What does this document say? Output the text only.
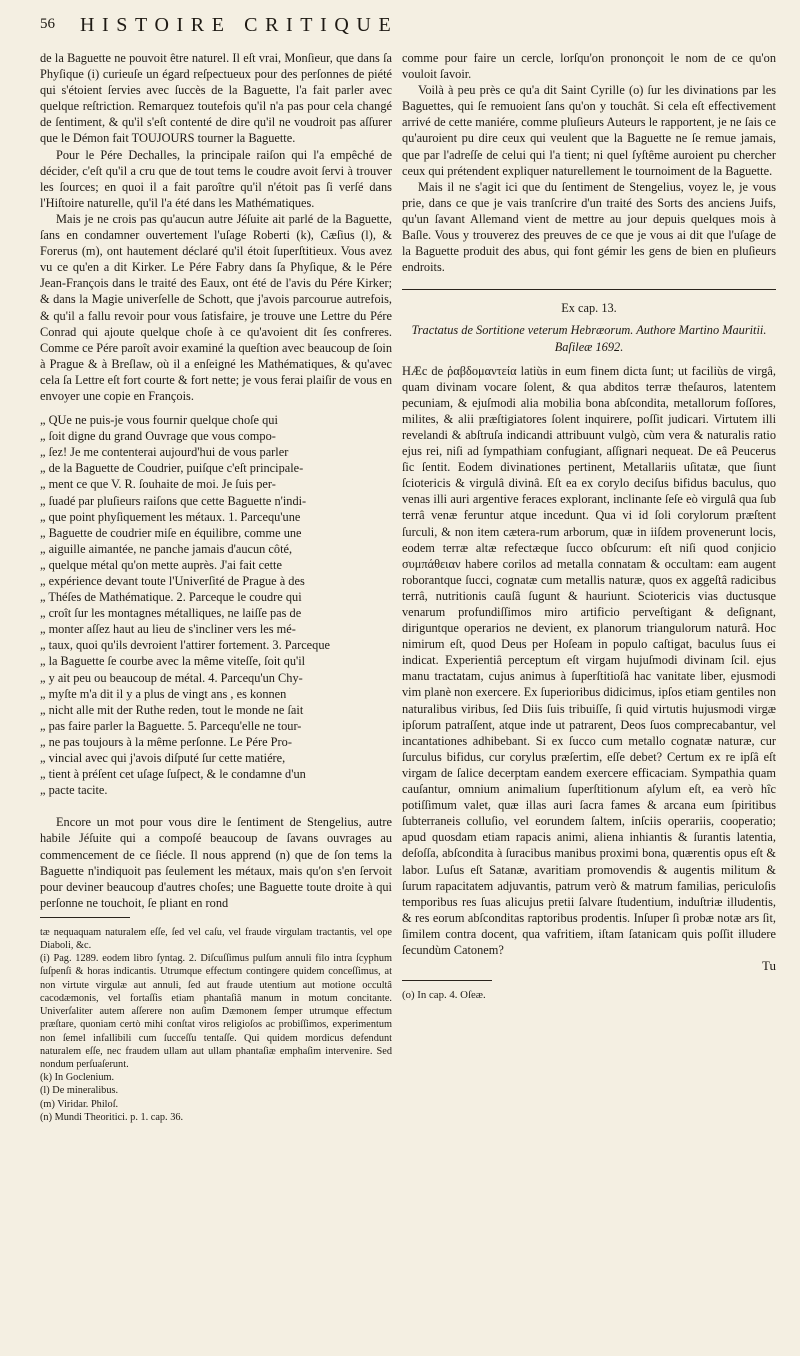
56 HISTOIRE CRITIQUE

de la Baguette ne pouvoit être naturel. Il eſt vrai, Monſieur, que dans ſa Phyſique (i) curieuſe un égard reſpectueux pour des perſonnes de piété qui s'étoient ſervies avec ſuccès de la Baguette, l'a fait parler avec quelque reſtriction. Remarquez toutefois qu'il n'a pas pour cela changé de ſentiment, & qu'il s'eſt contenté de dire qu'il ne voudroit pas aſſurer que le Démon fait TOUJOURS tourner la Baguette.

Pour le Pére Dechalles, la principale raiſon qui l'a empêché de décider, c'eſt qu'il a cru que de tout tems le coudre avoit ſervi à trouver les ſources; en quoi il a fait paroître qu'il n'étoit pas ſi verſé dans l'Hiſtoire naturelle, qu'il l'a été dans les Mathématiques.

Mais je ne crois pas qu'aucun autre Jéſuite ait parlé de la Baguette, ſans en condamner ouvertement l'uſage Roberti (k), Cæſius (l), & Forerus (m), ont hautement déclaré qu'il étoit ſuperſtitieux. Vous avez vu ce qu'en a dit Kirker. Le Pére Fabry dans ſa Phyſique, & le Pére Jean-François dans le traité des Eaux, ont été de l'avis du Pére Kirker; & dans la Magie univerſelle de Schott, que j'avois parcourue autrefois, & qu'il a fallu revoir pour vous ſatisfaire, je trouve une Lettre du Pére Conrad qui ajoute quelque choſe à ce qu'avoient dit ſes confreres. Comme ce Pére paroît avoir examiné la queſtion avec beaucoup de ſoin à Prague & à Breſlaw, où il a enſeigné les Mathématiques, & qu'avec cela ſa Lettre eſt fort courte & fort nette; je vous ferai plaiſir de vous en envoyer une copie en François.

„ QUe ne puis-je vous fournir quelque choſe qui
„ ſoit digne du grand Ouvrage que vous compo-
„ ſez! Je me contenterai aujourd'hui de vous parler
„ de la Baguette de Coudrier, puiſque c'eſt principale-
„ ment ce que V. R. ſouhaite de moi. Je ſuis per-
„ ſuadé par pluſieurs raiſons que cette Baguette n'indi-
„ que point phyſiquement les métaux. 1. Parcequ'une
„ Baguette de coudrier miſe en équilibre, comme une
„ aiguille aimantée, ne panche jamais d'aucun côté,
„ quelque métal qu'on mette auprès. J'ai fait cette
„ expérience devant toute l'Univerſité de Prague à des
„ Théſes de Mathématique. 2. Parceque le coudre qui
„ croît ſur les montagnes métalliques, ne laiſſe pas de
„ monter aſſez haut au lieu de s'incliner vers les mé-
„ taux, quoi qu'ils devroient l'attirer fortement. 3. Parceque
„ la Baguette ſe courbe avec la même viteſſe, ſoit qu'il
„ y ait peu ou beaucoup de métal. 4. Parcequ'un Chy-
„ myſte m'a dit il y a plus de vingt ans , es konnen
„ nicht alle mit der Ruthe reden, tout le monde ne ſait
„ pas faire parler la Baguette. 5. Parcequ'elle ne tour-
„ ne pas toujours à la même perſonne. Le Pére Pro-
„ vincial avec qui j'avois diſputé ſur cette matiére,
„ tient à préſent cet uſage ſuſpect, & le condamne d'un
„ pacte tacite.

Encore un mot pour vous dire le ſentiment de Stengelius, autre habile Jéſuite qui a compoſé beaucoup de ſavans ouvrages au commencement de ce ſiécle. Il nous apprend (n) que de ſon tems la Baguette n'indiquoit pas ſeulement les métaux, mais qu'on s'en ſervoit pour deviner beaucoup d'autres choſes; une Baguette toute droite à qui perſonne ne touchoit, ſe pliant en rond

tæ nequaquam naturalem eſſe, ſed vel caſu, vel fraude virgulam tractantis, vel ope Diaboli, &c.

(i) Pag. 1289. eodem libro ſyntag. 2. Diſcuſſimus pulſum annuli filo intra ſcyphum ſuſpenſi & horas indicantis. Utrumque effectum contingere quidem conceſſimus, at non virtute virgulæ aut annuli, ſed aut fraude utentium aut motione occultâ cacodæmonis, vel fortaſſis etiam phantaſiâ manum in motum concitante. Univerſaliter autem aſſerere non auſim Dæmonem ſemper utrumque effectum præſtare, quoniam certò mihi conſtat viros religioſos ac probiſſimos, experimentum non ſemel infallibili cum ſucceſſu tentaſſe. Qui quidem mordicus defendunt naturalem eſſe, nec fraudem ullam aut ullam phantaſiæ emphaſim intervenire. Sed nondum perſuaſerunt.

(k) In Goclenium.

(l) De mineralibus.

(m) Viridar. Philoſ.

(n) Mundi Theoritici. p. 1. cap. 36.

comme pour faire un cercle, lorſqu'on prononçoit le nom de ce qu'on vouloit ſavoir.

Voilà à peu près ce qu'a dit Saint Cyrille (o) ſur les divinations par les Baguettes, qui ſe remuoient ſans qu'on y touchât. Si cela eſt effectivement arrivé de cette maniére, comme pluſieurs Auteurs le rapportent, je ne ſais ce qu'auroient pu dire ceux qui veulent que la Baguette ne ſe remue jamais, que par l'adreſſe de celui qui l'a tient; ni quel ſyſtême auroient pu chercher ceux qui prétendent expliquer naturellement le tournoiment de la Baguette.

Mais il ne s'agit ici que du ſentiment de Stengelius, voyez le, je vous prie, dans ce que je vais tranſcrire d'un traité des Sorts des anciens Juifs, qu'un ſavant Allemand vient de mettre au jour depuis quelques mois à Baſle. Vous y trouverez des preuves de ce que je vous ai dit que l'uſage de la Baguette produit des abus, qui font gémir les gens de bien en pluſieurs endroits.

Ex cap. 13.

Tractatus de Sortitione veterum Hebræorum. Authore Martino Mauritii. Baſileæ 1692.

HÆc de ῥαβδομαντεία latiùs in eum finem dicta ſunt; ut faciliùs de virgâ, quam divinam vocare ſolent, & qua abditos terræ theſauros, latentem pecuniam, & ejuſmodi alia mobilia bona abſcondita, metallorum foſſores, milites, & alii præſtigiatores ſolent inquirere, poſſit judicari. Virtutem illi revelandi & abſtruſa indicandi attribuunt vulgò, cùm vera & naturalis ratio ejus rei, niſi ad ſympathiam confugiant, aſſignari nequeat. De eâ Peucerus ſic ſentit. Eodem divinationes pertinent, Metallariis uſitatæ, que ſiunt ſciotericis & virgulâ divinâ. Eſt ea ex corylo deciſus bifidus baculus, quo venas illi auri argentive feraces explorant, inclinante ſeſe eò virgulâ qua ſub terrâ venæ feruntur atque incedunt. Qua vi id ſoli corylorum præſtent ſurculi, & non item cætera-rum arborum, quæ in iiſdem provenerunt locis, eodem terræ altæ refectæque ſucco obſcurum: eſt niſi quod conjicio συμπάθειαν habere corilos ad metalla connatam & occultam: eam augent roborantque ſucci, cognatæ cum metallis naturæ, quos ex aggeſtâ radicibus terrâ, nutritionis cauſâ ſugunt & hauriunt. Sciotericis vias ductusque venarum profundiſſimos miro artificio perveſtigant & deſignant, diriguntque operarios ne devient, ex planorum triangulorum naturâ. Hoc nimirum eſt, quod Deus per Hoſeam in populo caſtigat, baculus ſuus ei indicat. Experientiâ perceptum eſt virgam hujuſmodi divinam ſcil. ejus manu tractatam, cujus animus à ſuperſtitioſâ hac vanitate liber, ejusmodi vim planè non exercere. Ex ſuperioribus didicimus, ipſos etiam gentiles non naturalibus viribus, ſed Diis ſuis tribuiſſe, ſi quid virtutis hujusmodi virgæ ipſorum patraſſent, atque inde ut patrarent, Deos ſuos comprecabantur, vel incantationes adhibebant. Si ex ſucco cum metallo cognatæ naturæ, cur ſurculus bifidus, cur corylus præſertim, eſſe debet? Certum ex re ipſâ eſt virgam de ſalice decerptam eandem exercere efficaciam. Sympathia quam cauſantur, omnium animalium ſuperſtitionum aſylum eſt, ea verò hîc potiſſimum valet, quæ illas auri ſacra fames & arcana eum ſpiritibus ſubterraneis colluſio, vel eorundem ſaltem, inſciis operariis, cooperatio; apud quosdam etiam rapacis animi, aliena inhiantis & ſurantis latentia, deſoſſa, abſcondita à ſuracibus manibus proximi bona, quærentis opus eſt & labor. Luſus eſt Satanæ, avaritiam promovendis & augentis militum & ſurum rapacitatem adjuvantis, patrum verò & matrum familias, periculoſis temporibus res ſuas alicujus pretii ſalvare ſtudentium, induſtriæ illudentis, & res eorum abſconditas raptoribus prodentis. Inſuper ſi probæ notæ ars ſit, ſimilem contra docent, qua vafritiem, iſtam ſatanicam quis poſſit illudere ſecundùm Catonem?

Tu
(o) In cap. 4. Oſeæ.
